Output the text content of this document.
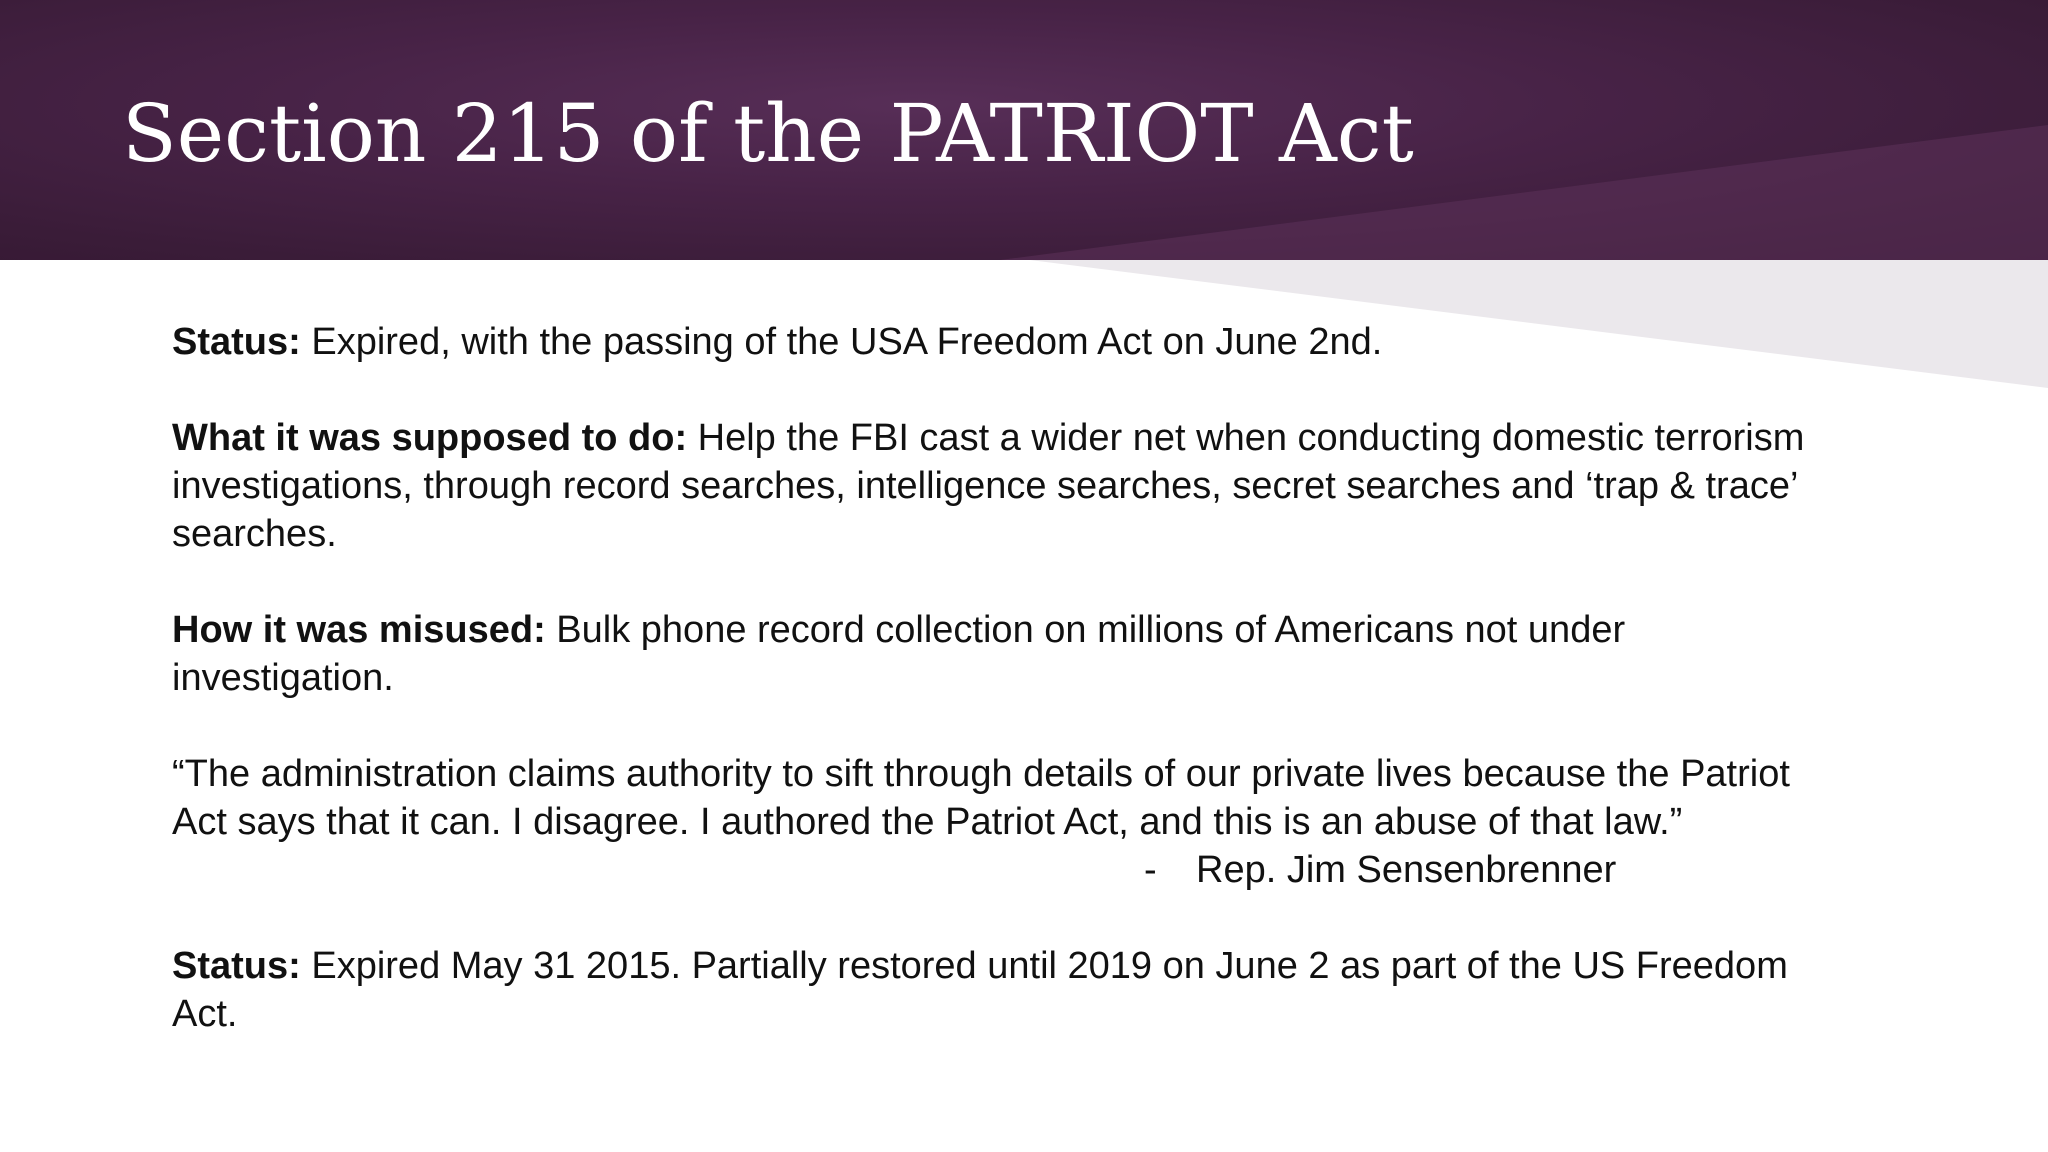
Section 215 of the PATRIOT Act

Status: Expired, with the passing of the USA Freedom Act on June 2nd.

What it was supposed to do: Help the FBI cast a wider net when conducting domestic terrorism investigations, through record searches, intelligence searches, secret searches and ‘trap & trace’ searches.

How it was misused: Bulk phone record collection on millions of Americans not under investigation.

“The administration claims authority to sift through details of our private lives because the Patriot Act says that it can. I disagree. I authored the Patriot Act, and this is an abuse of that law.”

- Rep. Jim Sensenbrenner

Status: Expired May 31 2015. Partially restored until 2019 on June 2 as part of the US Freedom Act.
